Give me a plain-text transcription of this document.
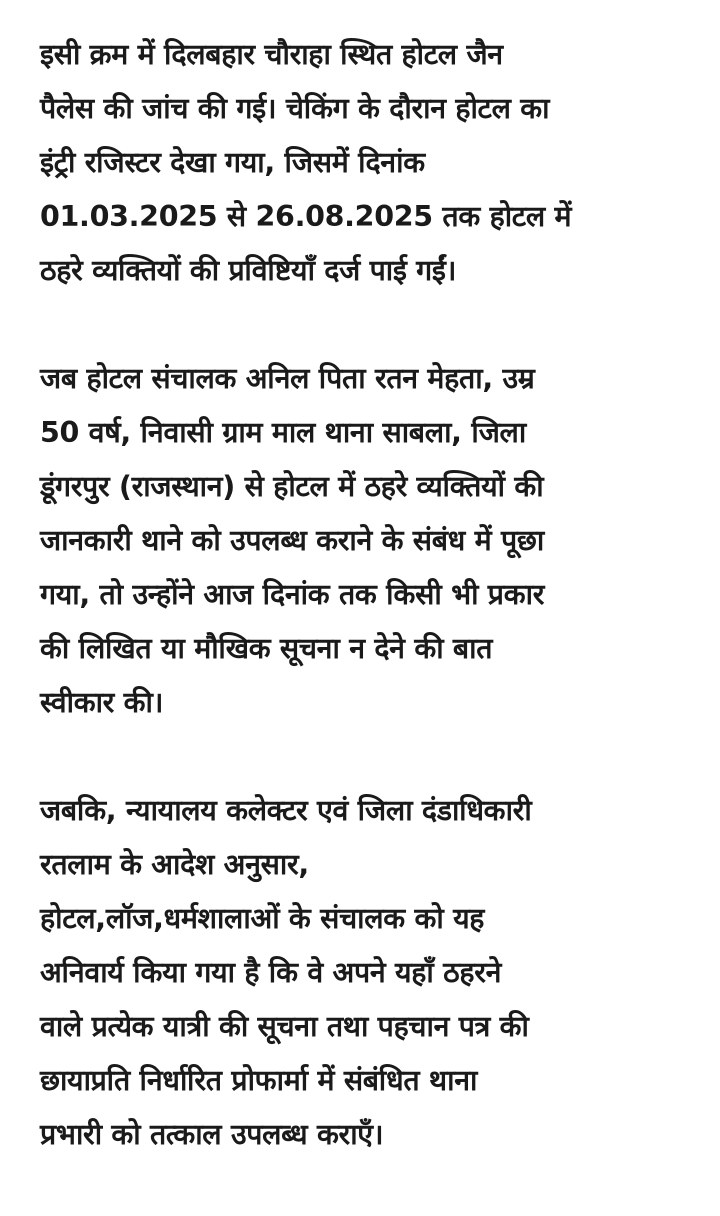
इसी क्रम में दिलबहार चौराहा स्थित होटल जैन
पैलेस की जांच की गई। चेकिंग के दौरान होटल का
इंट्री रजिस्टर देखा गया, जिसमें दिनांक
01.03.2025 से 26.08.2025 तक होटल में
ठहरे व्यक्तियों की प्रविष्टियाँ दर्ज पाई गईं।

जब होटल संचालक अनिल पिता रतन मेहता, उम्र
50 वर्ष, निवासी ग्राम माल थाना साबला, जिला
डूंगरपुर (राजस्थान) से होटल में ठहरे व्यक्तियों की
जानकारी थाने को उपलब्ध कराने के संबंध में पूछा
गया, तो उन्होंने आज दिनांक तक किसी भी प्रकार
की लिखित या मौखिक सूचना न देने की बात
स्वीकार की।

जबकि, न्यायालय कलेक्टर एवं जिला दंडाधिकारी
रतलाम के आदेश अनुसार,
होटल,लॉज,धर्मशालाओं के संचालक को यह
अनिवार्य किया गया है कि वे अपने यहाँ ठहरने
वाले प्रत्येक यात्री की सूचना तथा पहचान पत्र की
छायाप्रति निर्धारित प्रोफार्मा में संबंधित थाना
प्रभारी को तत्काल उपलब्ध कराएँ।
